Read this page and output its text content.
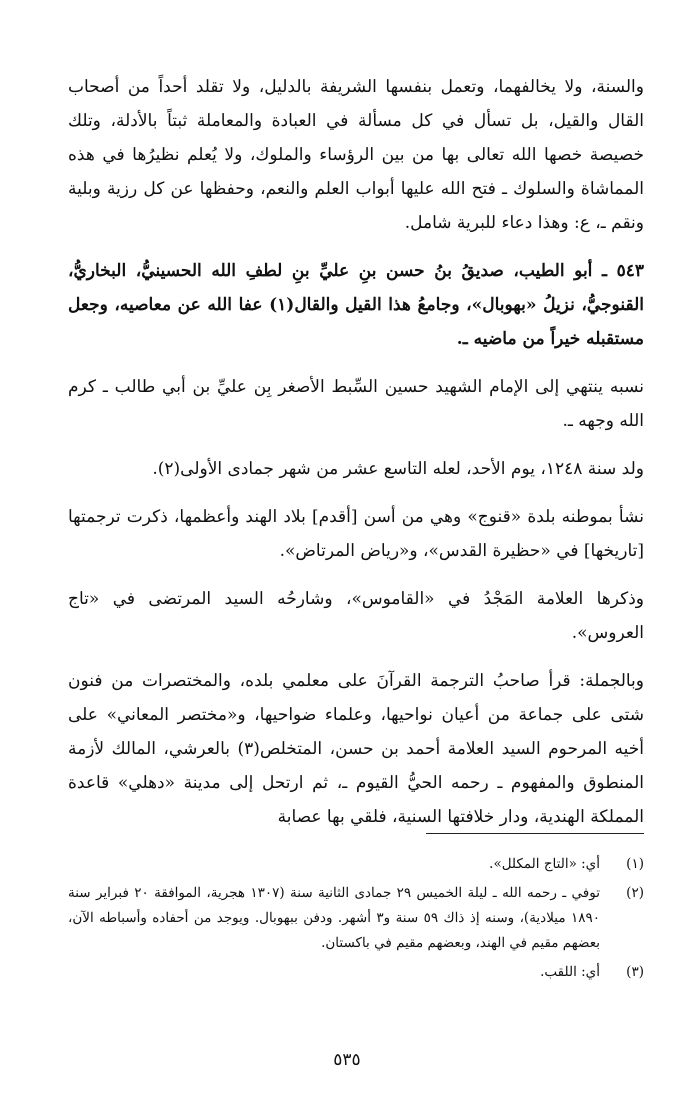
والسنة، ولا يخالفهما، وتعمل بنفسها الشريفة بالدليل، ولا تقلد أحداً من أصحاب القال والقيل، بل تسأل في كل مسألة في العبادة والمعاملة ثبتاً بالأدلة، وتلك خصيصة خصها الله تعالى بها من بين الرؤساء والملوك، ولا يُعلم نظيرُها في هذه المماشاة والسلوك ـ فتح الله عليها أبواب العلم والنعم، وحفظها عن كل رزية وبلية ونقم ـ، ع: وهذا دعاء للبرية شامل.

٥٤٣ ـ أبو الطيب، صديقُ بنُ حسن بنِ عليِّ بنِ لطفِ الله الحسينيُّ، البخاريُّ، القنوجيُّ، نزيلُ «بهوبال»، وجامعُ هذا القيل والقال(١) عفا الله عن معاصيه، وجعل مستقبله خيراً من ماضيه ـ.

نسبه ينتهي إلى الإمام الشهيد حسين السِّبط الأصغر بِن عليِّ بن أبي طالب ـ كرم الله وجهه ـ.

ولد سنة ١٢٤٨، يوم الأحد، لعله التاسع عشر من شهر جمادى الأولى(٢).

نشأ بموطنه بلدة «قنوج» وهي من أسن [أقدم] بلاد الهند وأعظمها، ذكرت ترجمتها [تاريخها] في «حظيرة القدس»، و«رياض المرتاض».

وذكرها العلامة المَجْدُ في «القاموس»، وشارحُه السيد المرتضى في «تاج العروس».

وبالجملة: قرأ صاحبُ الترجمة القرآنَ على معلمي بلده، والمختصرات من فنون شتى على جماعة من أعيان نواحيها، وعلماء ضواحيها، و«مختصر المعاني» على أخيه المرحوم السيد العلامة أحمد بن حسن، المتخلص(٣) بالعرشي، المالك لأزمة المنطوق والمفهوم ـ رحمه الحيُّ القيوم ـ، ثم ارتحل إلى مدينة «دهلي» قاعدة المملكة الهندية، ودار خلافتها السنية، فلقي بها عصابة

(١)
أي: «التاج المكلل».
(٢)
توفي ـ رحمه الله ـ ليلة الخميس ٢٩ جمادى الثانية سنة (١٣٠٧ هجرية، الموافقة ٢٠ فبراير سنة ١٨٩٠ ميلادية)، وسنه إذ ذاك ٥٩ سنة و٣ أشهر. ودفن ببهوبال. ويوجد من أحفاده وأسباطه الآن، بعضهم مقيم في الهند، وبعضهم مقيم في باكستان.
(٣)
أي: اللقب.
٥٣٥
